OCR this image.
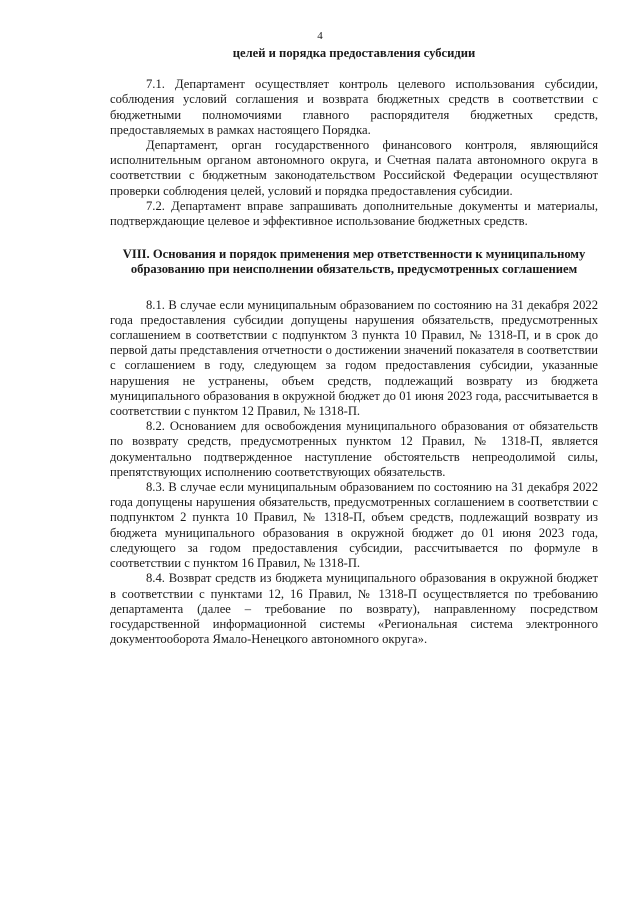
4

целей и порядка предоставления субсидии

7.1. Департамент осуществляет контроль целевого использования субсидии, соблюдения условий соглашения и возврата бюджетных средств в соответствии с бюджетными полномочиями главного распорядителя бюджетных средств, предоставляемых в рамках настоящего Порядка.

Департамент, орган государственного финансового контроля, являющийся исполнительным органом автономного округа, и Счетная палата автономного округа в соответствии с бюджетным законодательством Российской Федерации осуществляют проверки соблюдения целей, условий и порядка предоставления субсидии.

7.2. Департамент вправе запрашивать дополнительные документы и материалы, подтверждающие целевое и эффективное использование бюджетных средств.

VIII. Основания и порядок применения мер ответственности к муниципальному образованию при неисполнении обязательств, предусмотренных соглашением

8.1. В случае если муниципальным образованием по состоянию на 31 декабря 2022 года предоставления субсидии допущены нарушения обязательств, предусмотренных соглашением в соответствии с подпунктом 3 пункта 10 Правил, № 1318-П, и в срок до первой даты представления отчетности о достижении значений показателя в соответствии с соглашением в году, следующем за годом предоставления субсидии, указанные нарушения не устранены, объем средств, подлежащий возврату из бюджета муниципального образования в окружной бюджет до 01 июня 2023 года, рассчитывается в соответствии с пунктом 12 Правил, № 1318-П.

8.2. Основанием для освобождения муниципального образования от обязательств по возврату средств, предусмотренных пунктом 12 Правил, № 1318-П, является документально подтвержденное наступление обстоятельств непреодолимой силы, препятствующих исполнению соответствующих обязательств.

8.3. В случае если муниципальным образованием по состоянию на 31 декабря 2022 года допущены нарушения обязательств, предусмотренных соглашением в соответствии с подпунктом 2 пункта 10 Правил, № 1318-П, объем средств, подлежащий возврату из бюджета муниципального образования в окружной бюджет до 01 июня 2023 года, следующего за годом предоставления субсидии, рассчитывается по формуле в соответствии с пунктом 16 Правил, № 1318-П.

8.4. Возврат средств из бюджета муниципального образования в окружной бюджет в соответствии с пунктами 12, 16 Правил, № 1318-П осуществляется по требованию департамента (далее – требование по возврату), направленному посредством государственной информационной системы «Региональная система электронного документооборота Ямало-Ненецкого автономного округа».
